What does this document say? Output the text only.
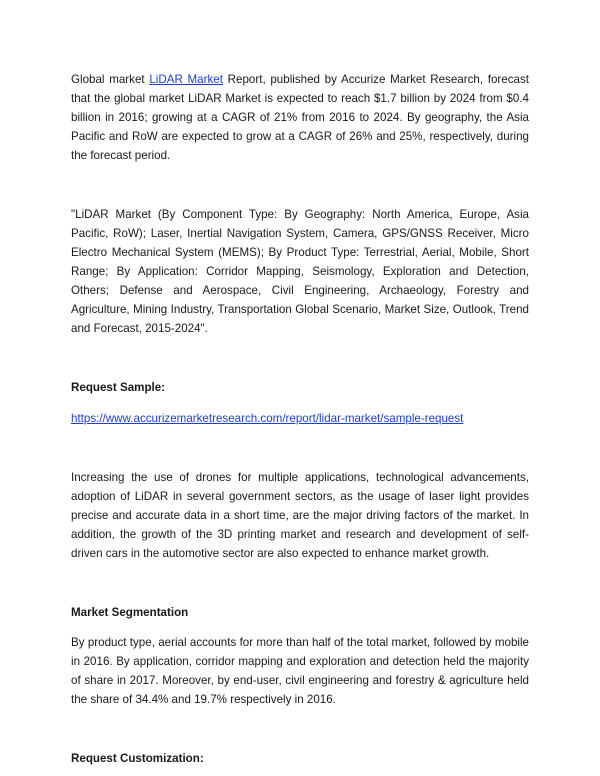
Global market LiDAR Market Report, published by Accurize Market Research, forecast that the global market LiDAR Market is expected to reach $1.7 billion by 2024 from $0.4 billion in 2016; growing at a CAGR of 21% from 2016 to 2024. By geography, the Asia Pacific and RoW are expected to grow at a CAGR of 26% and 25%, respectively, during the forecast period.

"LiDAR Market (By Component Type: By Geography: North America, Europe, Asia Pacific, RoW); Laser, Inertial Navigation System, Camera, GPS/GNSS Receiver, Micro Electro Mechanical System (MEMS); By Product Type: Terrestrial, Aerial, Mobile, Short Range; By Application: Corridor Mapping, Seismology, Exploration and Detection, Others; Defense and Aerospace, Civil Engineering, Archaeology, Forestry and Agriculture, Mining Industry, Transportation Global Scenario, Market Size, Outlook, Trend and Forecast, 2015-2024".

Request Sample:

https://www.accurizemarketresearch.com/report/lidar-market/sample-request

Increasing the use of drones for multiple applications, technological advancements, adoption of LiDAR in several government sectors, as the usage of laser light provides precise and accurate data in a short time, are the major driving factors of the market. In addition, the growth of the 3D printing market and research and development of self-driven cars in the automotive sector are also expected to enhance market growth.

Market Segmentation

By product type, aerial accounts for more than half of the total market, followed by mobile in 2016. By application, corridor mapping and exploration and detection held the majority of share in 2017. Moreover, by end-user, civil engineering and forestry & agriculture held the share of 34.4% and 19.7% respectively in 2016.

Request Customization:
